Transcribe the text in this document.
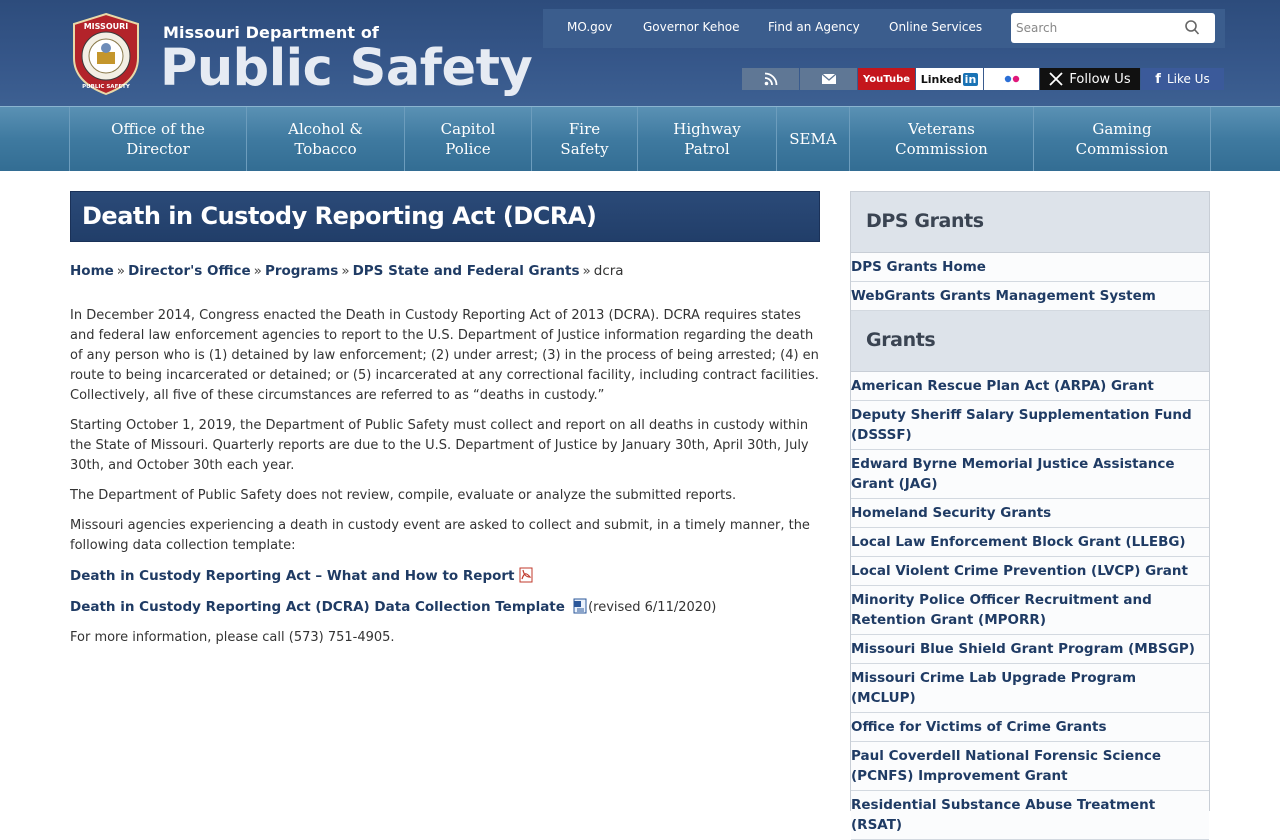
MISSOURI
PUBLIC SAFETY
Missouri Department of
Public Safety
MO.gov	Governor Kehoe Find an Agency Online Services
Search
YouTube Linked in	Follow Us f Like Us
Office of the
Director
Alcohol &
Tobacco
Capitol
Police
Fire
Safety
Highway
Patrol
SEMA
Veterans
Commission
Gaming
Commission
Death in Custody Reporting Act (DCRA)
Home » Director's Office » Programs » DPS State and Federal Grants » dcra

In December 2014, Congress enacted the Death in Custody Reporting Act of 2013 (DCRA). DCRA requires states and federal law enforcement agencies to report to the U.S. Department of Justice information regarding the death of any person who is (1) detained by law enforcement; (2) under arrest; (3) in the process of being arrested; (4) en route to being incarcerated or detained; or (5) incarcerated at any correctional facility, including contract facilities. Collectively, all five of these circumstances are referred to as “deaths in custody.”

Starting October 1, 2019, the Department of Public Safety must collect and report on all deaths in custody within the State of Missouri. Quarterly reports are due to the U.S. Department of Justice by January 30th, April 30th, July 30th, and October 30th each year.

The Department of Public Safety does not review, compile, evaluate or analyze the submitted reports.

Missouri agencies experiencing a death in custody event are asked to collect and submit, in a timely manner, the following data collection template:

Death in Custody Reporting Act – What and How to Report

Death in Custody Reporting Act (DCRA) Data Collection Template (revised 6/11/2020)

For more information, please call (573) 751-4905.

DPS Grants
DPS Grants Home
WebGrants Grants Management System
Grants
American Rescue Plan Act (ARPA) Grant
Deputy Sheriff Salary Supplementation Fund (DSSSF)
Edward Byrne Memorial Justice Assistance Grant (JAG)
Homeland Security Grants
Local Law Enforcement Block Grant (LLEBG)
Local Violent Crime Prevention (LVCP) Grant
Minority Police Officer Recruitment and Retention Grant (MPORR)
Missouri Blue Shield Grant Program (MBSGP)
Missouri Crime Lab Upgrade Program (MCLUP)
Office for Victims of Crime Grants
Paul Coverdell National Forensic Science (PCNFS) Improvement Grant
Residential Substance Abuse Treatment (RSAT)
